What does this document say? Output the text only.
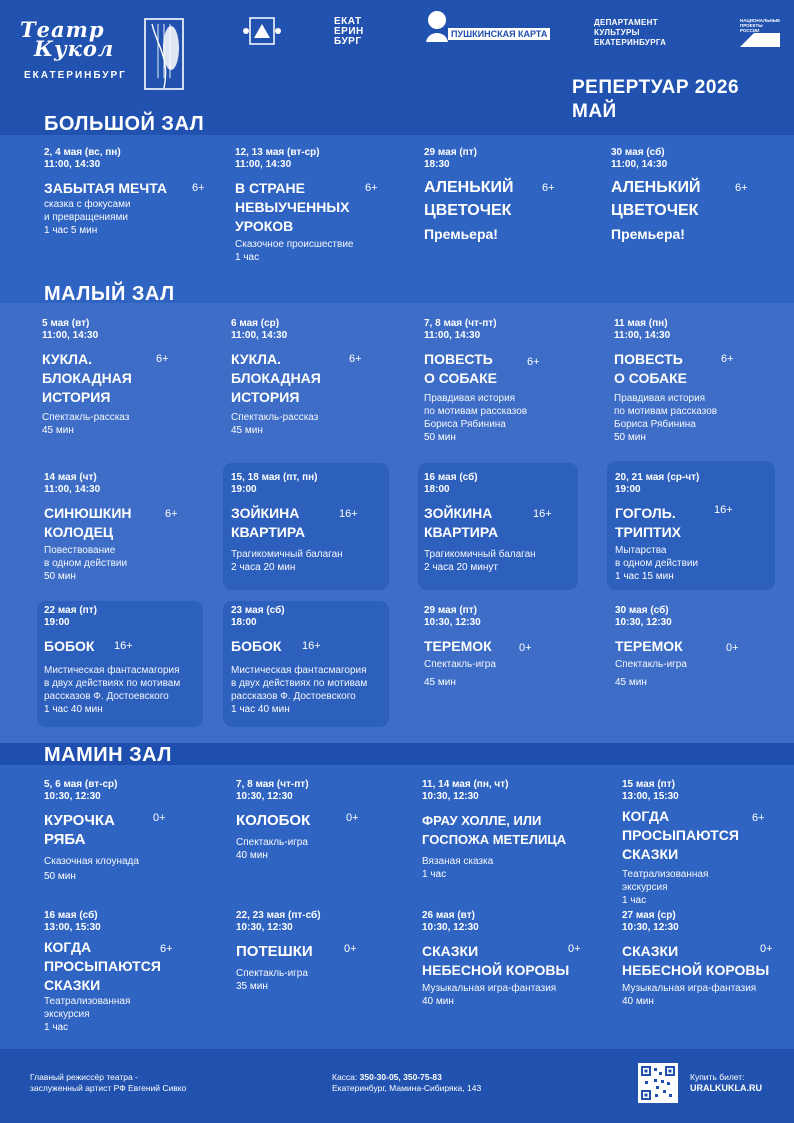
Театр
Кукол
ЕКАТЕРИНБУРГ
ЕКАТ
ЕРИН
БУРГ
ПУШКИНСКАЯ КАРТА
ДЕПАРТАМЕНТ
КУЛЬТУРЫ
ЕКАТЕРИНБУРГА
НАЦИОНАЛЬНЫЕ ПРОЕКТЫ РОССИИ
РЕПЕРТУАР 2026
МАЙ
БОЛЬШОЙ ЗАЛ
МАЛЫЙ ЗАЛ
МАМИН ЗАЛ
2, 4 мая (вс, пн)
11:00, 14:30
ЗАБЫТАЯ МЕЧТА	6+
сказка с фокусами
и превращениями
1 час 5 мин
12, 13 мая (вт-ср)
11:00, 14:30
В СТРАНЕ
НЕВЫУЧЕННЫХ
УРОКОВ
6+
Сказочное происшествие
1 час
29 мая (пт)
18:30
АЛЕНЬКИЙ
ЦВЕТОЧЕК
6+
Премьера!
30 мая (сб)
11:00, 14:30
АЛЕНЬКИЙ
ЦВЕТОЧЕК
6+
Премьера!
5 мая (вт)
11:00, 14:30
КУКЛА.
БЛОКАДНАЯ
ИСТОРИЯ
6+
Спектакль-рассказ
45 мин
6 мая (ср)
11:00, 14:30
КУКЛА.
БЛОКАДНАЯ
ИСТОРИЯ
6+
Спектакль-рассказ
45 мин
7, 8 мая (чт-пт)
11:00, 14:30
ПОВЕСТЬ
О СОБАКЕ
6+
Правдивая история
по мотивам рассказов
Бориса Рябинина
50 мин
11 мая (пн)
11:00, 14:30
ПОВЕСТЬ
О СОБАКЕ
6+
Правдивая история
по мотивам рассказов
Бориса Рябинина
50 мин
14 мая (чт)
11:00, 14:30
СИНЮШКИН
КОЛОДЕЦ
6+
Повествование
в одном действии
50 мин
15, 18 мая (пт, пн)
19:00
ЗОЙКИНА
КВАРТИРА
16+
Трагикомичный балаган
2 часа 20 мин
16 мая (сб)
18:00
ЗОЙКИНА
КВАРТИРА
16+
Трагикомичный балаган
2 часа 20 минут
20, 21 мая (ср-чт)
19:00
ГОГОЛЬ.
ТРИПТИХ
16+
Мытарства
в одном действии
1 час 15 мин
22 мая (пт)
19:00
БОБОК	16+
Мистическая фантасмагория
в двух действиях по мотивам
рассказов Ф. Достоевского
1 час 40 мин
23 мая (сб)
18:00
БОБОК	16+
Мистическая фантасмагория
в двух действиях по мотивам
рассказов Ф. Достоевского
1 час 40 мин
29 мая (пт)
10:30, 12:30
ТЕРЕМОК	0+
Спектакль-игра
45 мин
30 мая (сб)
10:30, 12:30
ТЕРЕМОК	0+
Спектакль-игра
45 мин
5, 6 мая (вт-ср)
10:30, 12:30
КУРОЧКА
РЯБА
0+
Сказочная клоунада
50 мин
7, 8 мая (чт-пт)
10:30, 12:30
КОЛОБОК	0+
Спектакль-игра
40 мин
11, 14 мая (пн, чт)
10:30, 12:30
ФРАУ ХОЛЛЕ, ИЛИ
ГОСПОЖА МЕТЕЛИЦА
Вязаная сказка
1 час
15 мая (пт)
13:00, 15:30
КОГДА
ПРОСЫПАЮТСЯ
СКАЗКИ
6+
Театрализованная
экскурсия
1 час
16 мая (сб)
13:00, 15:30
КОГДА
ПРОСЫПАЮТСЯ
СКАЗКИ
6+
Театрализованная
экскурсия
1 час
22, 23 мая (пт-сб)
10:30, 12:30
ПОТЕШКИ	0+
Спектакль-игра
35 мин
26 мая (вт)
10:30, 12:30
СКАЗКИ
НЕБЕСНОЙ КОРОВЫ
0+
Музыкальная игра-фантазия
40 мин
27 мая (ср)
10:30, 12:30
СКАЗКИ
НЕБЕСНОЙ КОРОВЫ
0+
Музыкальная игра-фантазия
40 мин
Главный режиссёр театра -
заслуженный артист РФ Евгений Сивко
Касса: 350-30-05, 350-75-83
Екатеринбург, Мамина-Сибиряка, 143
Купить билет:
URALKUKLA.RU
